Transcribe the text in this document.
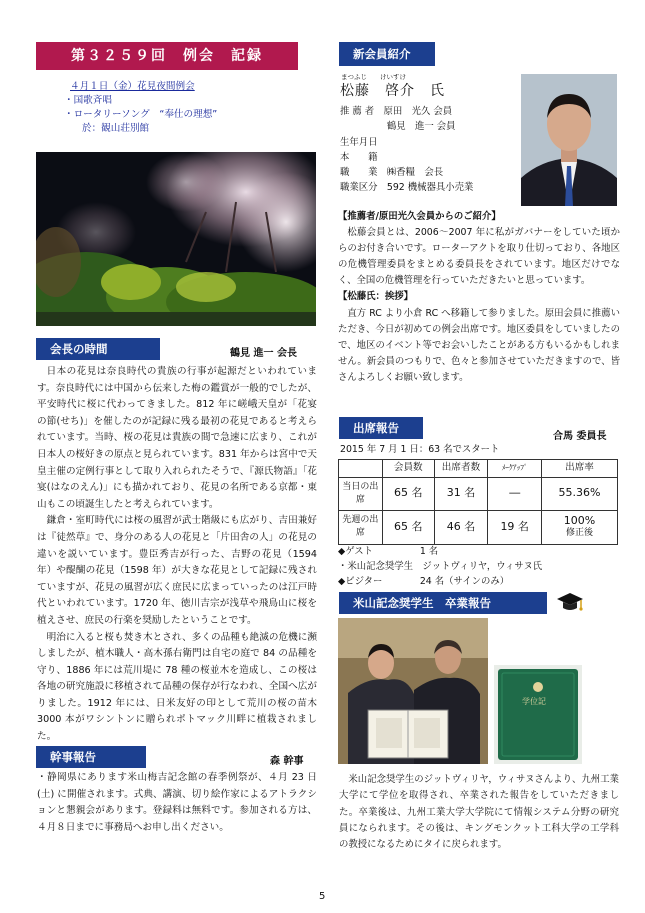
第３２５９回　例会　記録
４月１日（金）花見夜間例会
・国歌斉唱
・ロータリーソング　“奉仕の理想”
於：観山荘別館
会長の時間	鶴見 進一 会長

日本の花見は奈良時代の貴族の行事が起源だといわれています。奈良時代には中国から伝来した梅の鑑賞が一般的でしたが、平安時代に桜に代わってきました。812 年に嵯峨天皇が「花宴の節(せち)」を催したのが記録に残る最初の花見であると考えられています。当時、桜の花見は貴族の間で急速に広まり、これが日本人の桜好きの原点と見られています。831 年からは宮中で天皇主催の定例行事として取り入れられたそうで、『源氏物語』「花宴(はなのえん)」にも描かれており、花見の名所である京都・東山もこの頃誕生したと考えられています。

鎌倉・室町時代には桜の風習が武士階級にも広がり、吉田兼好は『徒然草』で、身分のある人の花見と「片田舎の人」の花見の違いを説いています。豊臣秀吉が行った、吉野の花見（1594 年）や醍醐の花見（1598 年）が大きな花見として記録に残されていますが、花見の風習が広く庶民に広まっていったのは江戸時代といわれています。1720 年、徳川吉宗が浅草や飛鳥山に桜を植えさせ、庶民の行楽を奨励したということです。

明治に入ると桜も焚き木とされ、多くの品種も絶滅の危機に瀕しましたが、植木職人・高木孫右衛門は自宅の庭で 84 の品種を守り、1886 年には荒川堤に 78 種の桜並木を造成し、この桜は各地の研究施設に移植されて品種の保存が行なわれ、全国へ広がりました。1912 年には、日米友好の印として荒川の桜の苗木 3000 本がワシントンに贈られポトマック川畔に植栽されました。

幹事報告	森 幹事

・静岡県にあります米山梅吉記念館の春季例祭が、４月 23 日(土) に開催されます。式典、講演、切り絵作家によるアトラクションと懇親会があります。登録料は無料です。参加される方は、４月８日までに事務局へお申し出ください。

新会員紹介
まつふじ　　けいすけ
松藤　啓介　氏
推 薦 者　原田　光久 会員
　　　　　鶴見　進一 会員
生年月日
本　　籍
職　　業　㈱香糧　会長
職業区分　592 機械器具小売業

【推薦者/原田光久会員からのご紹介】

松藤会員とは、2006～2007 年に私がガバナーをしていた頃からのお付き合いです。ローターアクトを取り仕切っており、各地区の危機管理委員をまとめる委員長をされています。地区だけでなく、全国の危機管理を行っていただきたいと思っています。

【松藤氏：挨拶】

直方 RC より小倉 RC へ移籍して参りました。原田会員に推薦いただき、今日が初めての例会出席です。地区委員をしていましたので、地区のイベント等でお会いしたことがある方もいるかもしれません。新会員のつもりで、色々と参加させていただきますので、皆さんよろしくお願い致します。

出席報告
合馬 委員長
2015 年 7 月 1 日：63 名でスタート
	会員数	出席者数	ﾒｰｸｱｯﾌﾟ	出席率
当日の出席	65 名	31 名	―	55.36%
先週の出席	65 名	46 名	19 名	100%
修正後
◆ゲスト　　　　　1 名
・米山記念奨学生　ジットヴィリヤ，ウィサヌ氏
◆ビジター　　　　24 名（サインのみ）
米山記念奨学生　卒業報告
学位記

米山記念奨学生のジットヴィリヤ，ウィサヌさんより、九州工業大学にて学位を取得され、卒業された報告をしていただきました。卒業後は、九州工業大学大学院にて情報システム分野の研究員になられます。その後は、キングモンクット工科大学の工学科の教授になるためにタイに戻られます。

5
